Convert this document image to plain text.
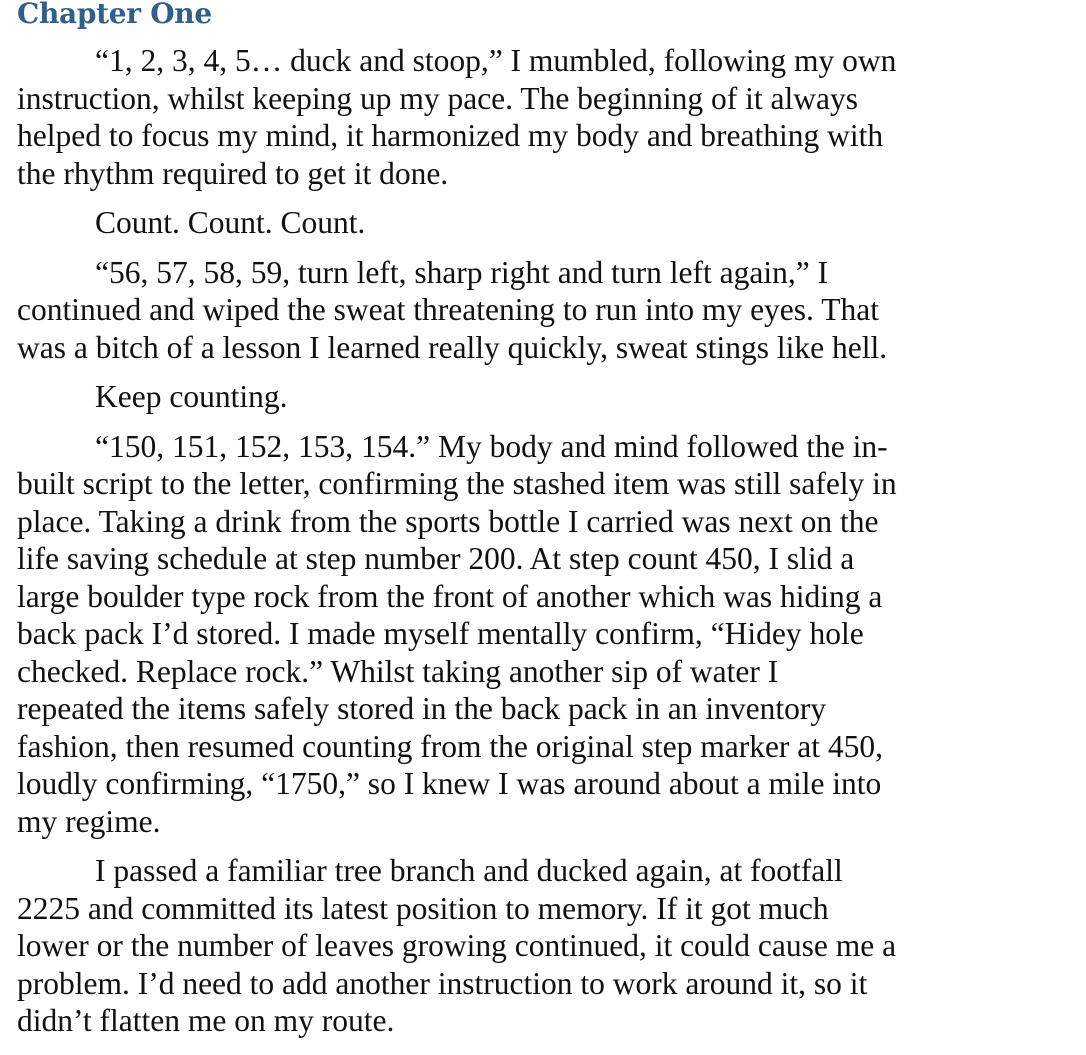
Chapter One

“1, 2, 3, 4, 5… duck and stoop,” I mumbled, following my own
instruction, whilst keeping up my pace. The beginning of it always
helped to focus my mind, it harmonized my body and breathing with
the rhythm required to get it done.

Count. Count. Count.

“56, 57, 58, 59, turn left, sharp right and turn left again,” I
continued and wiped the sweat threatening to run into my eyes. That
was a bitch of a lesson I learned really quickly, sweat stings like hell.

Keep counting.

“150, 151, 152, 153, 154.” My body and mind followed the in-
built script to the letter, confirming the stashed item was still safely in
place. Taking a drink from the sports bottle I carried was next on the
life saving schedule at step number 200. At step count 450, I slid a
large boulder type rock from the front of another which was hiding a
back pack I’d stored. I made myself mentally confirm, “Hidey hole
checked. Replace rock.” Whilst taking another sip of water I
repeated the items safely stored in the back pack in an inventory
fashion, then resumed counting from the original step marker at 450,
loudly confirming, “1750,” so I knew I was around about a mile into
my regime.

I passed a familiar tree branch and ducked again, at footfall
2225 and committed its latest position to memory. If it got much
lower or the number of leaves growing continued, it could cause me a
problem. I’d need to add another instruction to work around it, so it
didn’t flatten me on my route.
